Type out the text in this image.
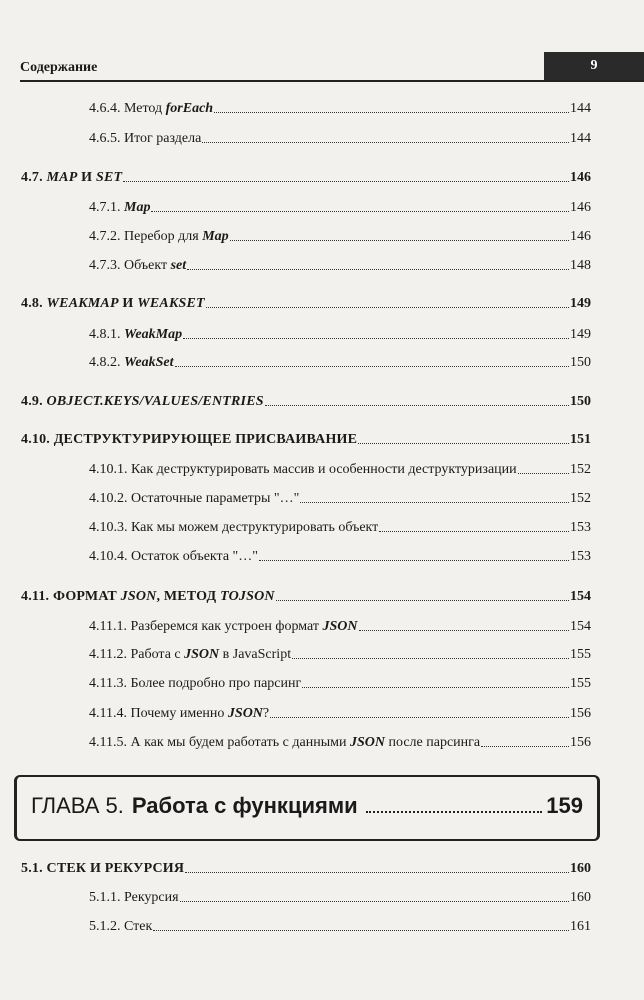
Содержание	9
4.6.4. Метод forEach	144
4.6.5. Итог раздела	144
4.7. MAP И SET	146
4.7.1. Map	146
4.7.2. Перебор для Map	146
4.7.3. Объект set	148
4.8. WEAKMAP И WEAKSET	149
4.8.1. WeakMap	149
4.8.2. WeakSet	150
4.9. OBJECT.KEYS/VALUES/ENTRIES	150
4.10. ДЕСТРУКТУРИРУЮЩЕЕ ПРИСВАИВАНИЕ	151
4.10.1. Как деструктурировать массив и особенности деструктуризации	152
4.10.2. Остаточные параметры "…"	152
4.10.3. Как мы можем деструктурировать объект	153
4.10.4. Остаток объекта "…"	153
4.11. ФОРМАТ JSON, МЕТОД TOJSON	154
4.11.1. Разберемся как устроен формат JSON	154
4.11.2. Работа с JSON в JavaScript	155
4.11.3. Более подробно про парсинг	155
4.11.4. Почему именно JSON?	156
4.11.5. А как мы будем работать с данными JSON после парсинга	156
ГЛАВА 5. Работа с функциями	159
5.1. СТЕК И РЕКУРСИЯ	160
5.1.1. Рекурсия	160
5.1.2. Стек	161
